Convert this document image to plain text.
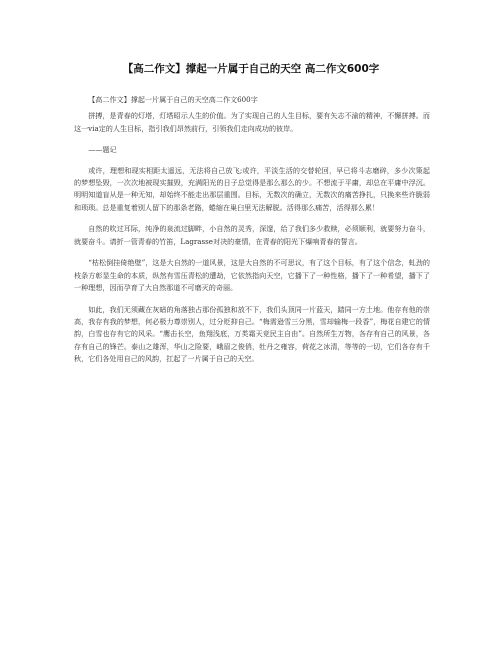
【高二作文】撑起一片属于自己的天空 高二作文600字

【高二作文】撑起一片属于自己的天空高二作文600字

拼搏，是青春的灯塔，灯塔昭示人生的价值。为了实现自己的人生目标，要有矢志不渝的精神，不懈拼搏。而这一via定的人生目标，指引我们昂然前行，引领我们走向成功的彼岸。

——题记

或许，理想和现实相距太遥远，无法将自己放飞;或许，平淡生活的交替轮回，早已将斗志磨碎，多少次策起的梦想坠毁，一次次地被现实摧毁，充满阳光的日子总觉得是那么那么的少。不想流于平庸，却总在平庸中浮沉。明明知道盲从是一种无知，却始终不能走出那层重围。目标，无数次的确立，无数次的痛苦挣扎，只换来些许脆弱和琐琐。总是重复着别人留下的那条老路，蜷缩在巢臼里无法解脱。活得那么痛苦，活得那么累！

自然的吹过耳际，纯净的泉流过脚畔，小自然的灵秀，深邃，给了我们多少救赎，必须顺利，就要努力奋斗，就要奋斗。请折一管青春的竹笛，Lagrasse对决的豪情，在青春的阳光下爆响青春的誓言。

“枯松倒挂倚绝壁”，这是大自然的一道风景，这是大自然的不可思议，有了这个目标，有了这个信念，虬劲的枝条方彰显生命的本质，纵然有雪压青松的遭劫，它依然指向天空，它播下了一种性格，播下了一种希望，播下了一种理想，因而孕育了大自然那道不可磨灭的奇丽。

如此，我们无须藏在灰暗的角落独占那份孤独和放不下，我们头顶同一片蓝天，踏同一方土地。他存有他的崇高，我存有我的梦想，何必极力尊崇别人，过分贬抑自己。“梅需逊雪三分黑，雪却输梅一段香”，梅花自建它的情韵，白雪也存有它的风采。“鹰击长空，鱼翔浅底，万类霜天竞民主自由”。自然所生万物，各存有自己的风景，各存有自己的锋芒。泰山之雄浑，华山之险要，峨眉之俊俏，牡丹之雍容，荷花之冰清，等等的一切，它们各存有千秋，它们各处用自己的风韵，扛起了一片属于自己的天空。
